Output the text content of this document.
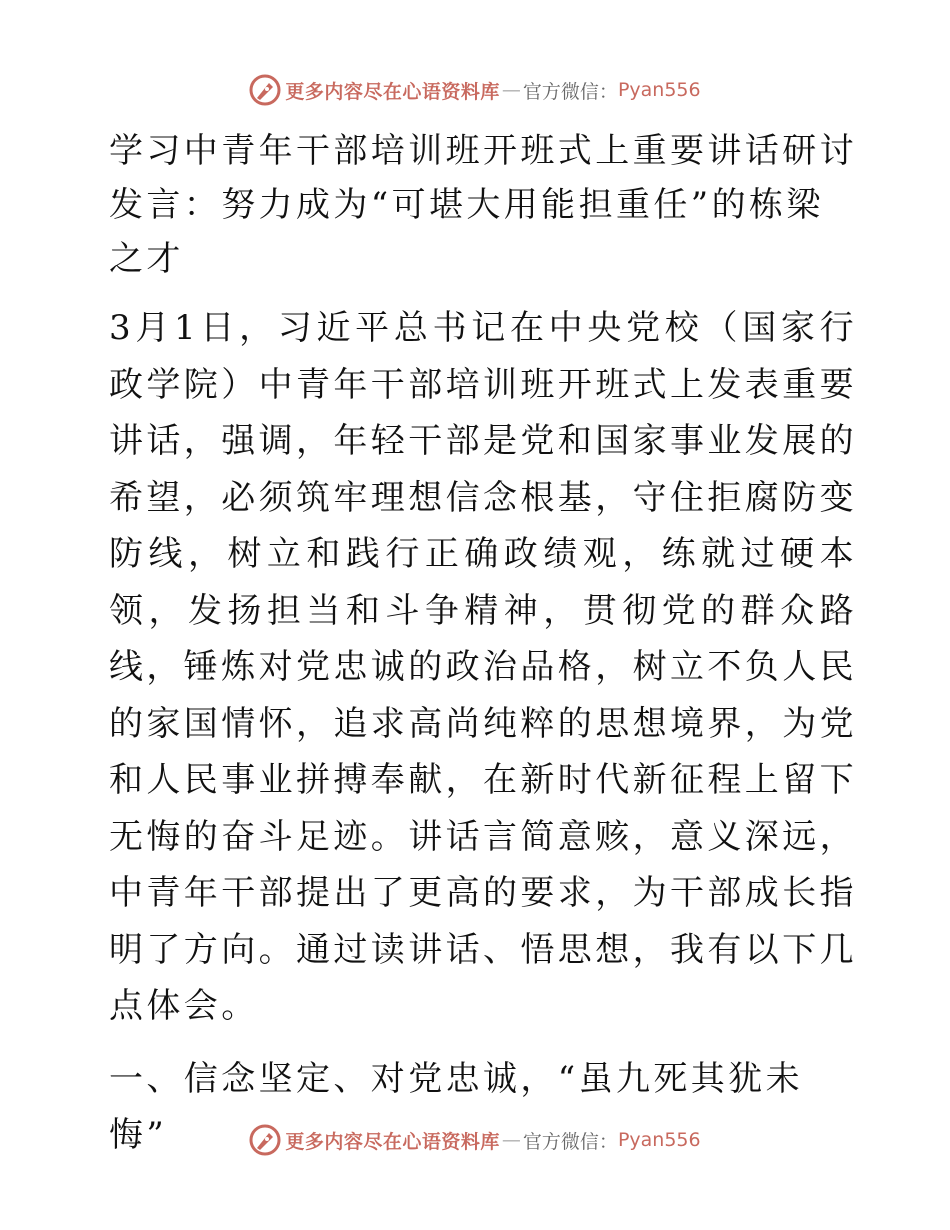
更多内容尽在心语资料库 — 官方微信： Pyan556
学习中青年干部培训班开班式上重要讲话研讨发言：努力成为“可堪大用能担重任”的栋梁之才

3月1日，习近平总书记在中央党校（国家行政学院）中青年干部培训班开班式上发表重要讲话，强调，年轻干部是党和国家事业发展的希望，必须筑牢理想信念根基，守住拒腐防变防线，树立和践行正确政绩观，练就过硬本领，发扬担当和斗争精神，贯彻党的群众路线，锤炼对党忠诚的政治品格，树立不负人民的家国情怀，追求高尚纯粹的思想境界，为党和人民事业拼搏奉献，在新时代新征程上留下无悔的奋斗足迹。讲话言简意赅，意义深远，中青年干部提出了更高的要求，为干部成长指明了方向。通过读讲话、悟思想，我有以下几点体会。

一、信念坚定、对党忠诚，“虽九死其犹未悔”	更多内容尽在心语资料库 — 官方微信： Pyan556
